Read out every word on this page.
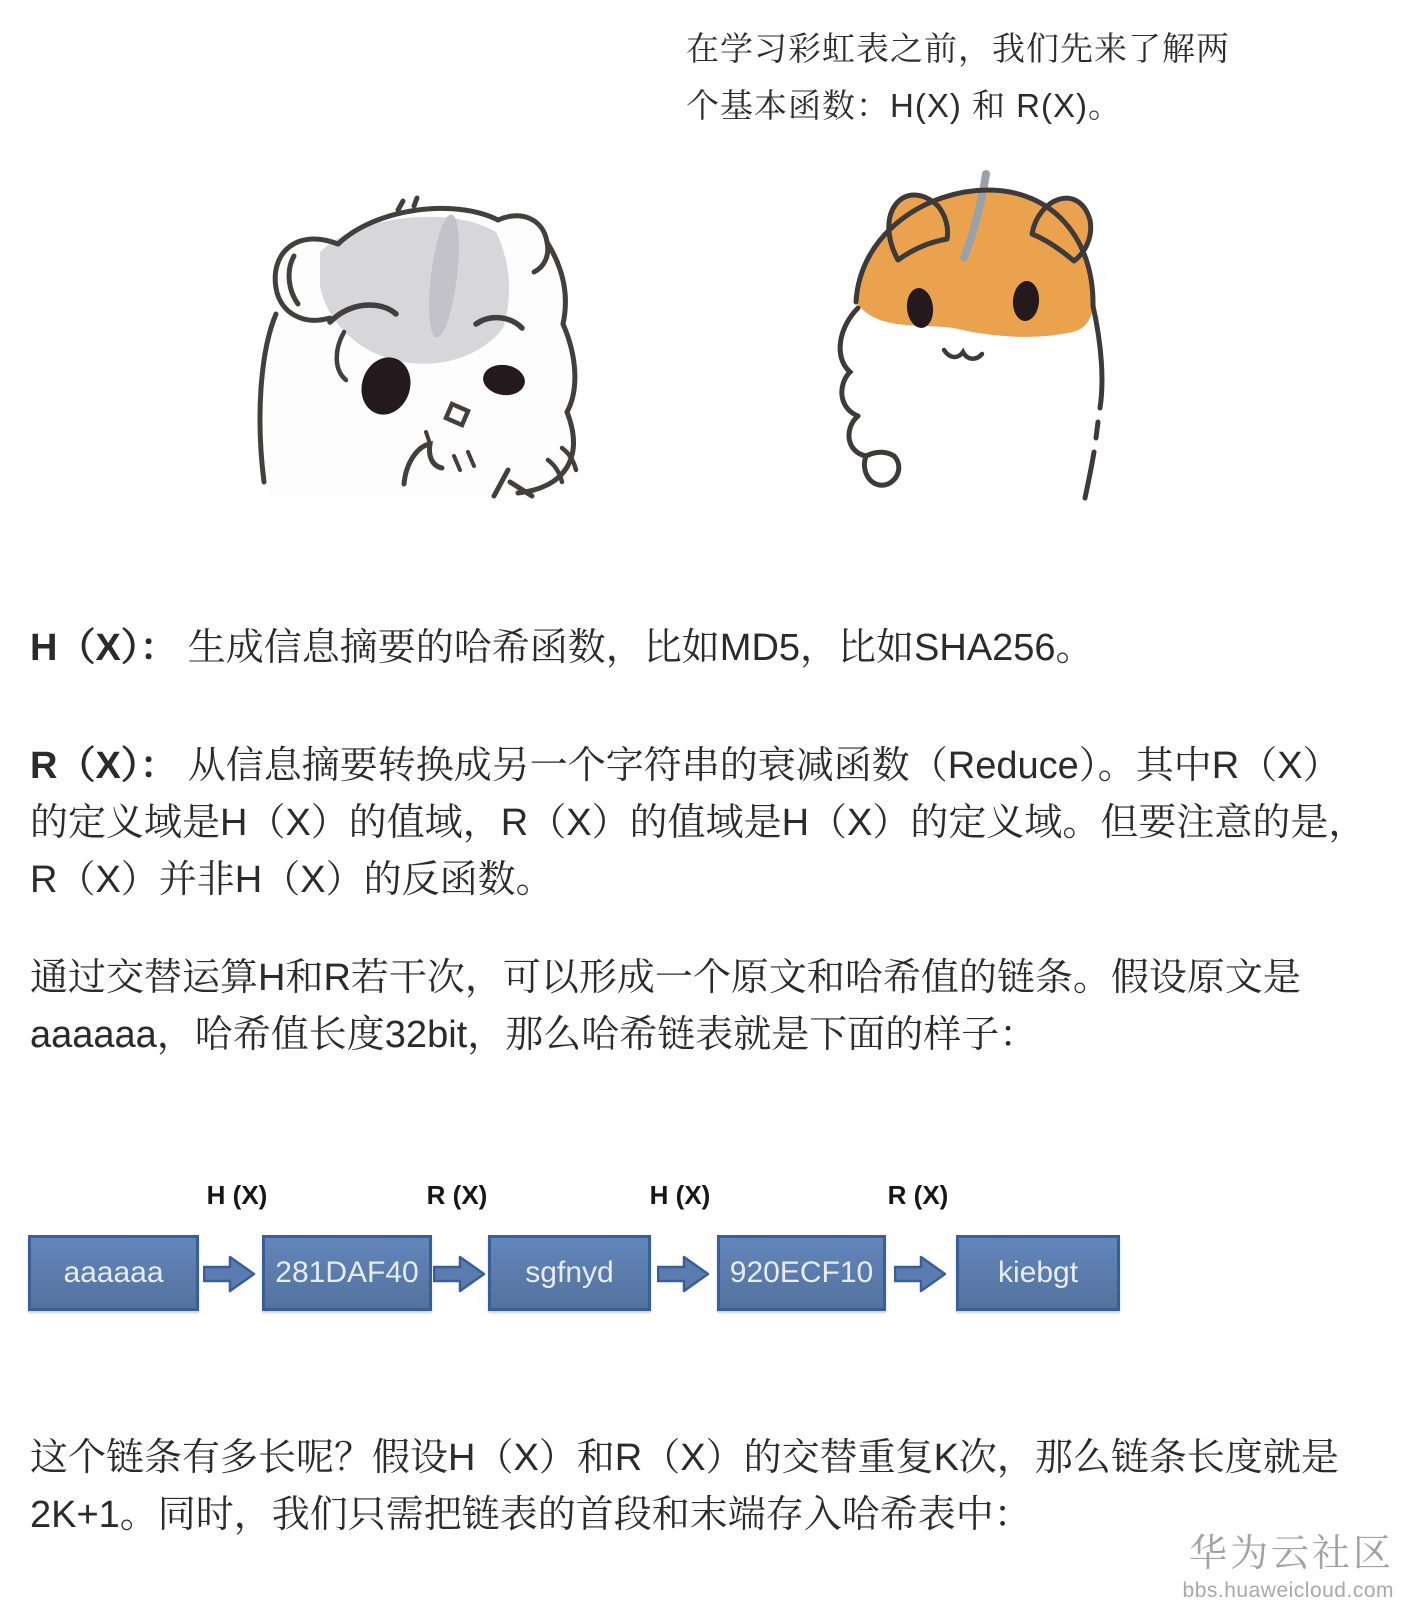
在学习彩虹表之前，我们先来了解两
个基本函数：H(X) 和 R(X)。
H（X）： 生成信息摘要的哈希函数，比如MD5，比如SHA256。
R（X）： 从信息摘要转换成另一个字符串的衰减函数（Reduce）。其中R（X）
的定义域是H（X）的值域，R（X）的值域是H（X）的定义域。但要注意的是，
R（X）并非H（X）的反函数。
通过交替运算H和R若干次，可以形成一个原文和哈希值的链条。假设原文是
aaaaaa，哈希值长度32bit，那么哈希链表就是下面的样子：
H (X)	R (X)	H (X)	R (X)
aaaaaa	281DAF40	sgfnyd	920ECF10	kiebgt
这个链条有多长呢？假设H（X）和R（X）的交替重复K次，那么链条长度就是
2K+1。同时，我们只需把链表的首段和末端存入哈希表中：
华为云社区
bbs.huaweicloud.com
